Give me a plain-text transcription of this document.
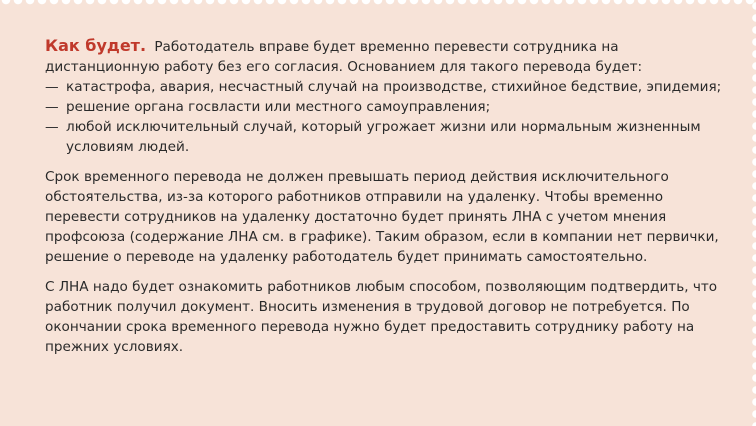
Как будет. Работодатель вправе будет временно перевести сотрудника на дистанционную работу без его согласия. Основанием для такого перевода будет:

— катастрофа, авария, несчастный случай на производстве, стихийное бедствие, эпидемия;
— решение органа госвласти или местного самоуправления;
— любой исключительный случай, который угрожает жизни или нормальным жизненным условиям людей.

Срок временного перевода не должен превышать период действия исключительного обстоятельства, из-за которого работников отправили на удаленку. Чтобы временно перевести сотрудников на удаленку достаточно будет принять ЛНА с учетом мнения профсоюза (содержание ЛНА см. в графике). Таким образом, если в компании нет первички, решение о переводе на удаленку работодатель будет принимать самостоятельно.

С ЛНА надо будет ознакомить работников любым способом, позволяющим подтвердить, что работник получил документ. Вносить изменения в трудовой договор не потребуется. По окончании срока временного перевода нужно будет предоставить сотруднику работу на прежних условиях.
